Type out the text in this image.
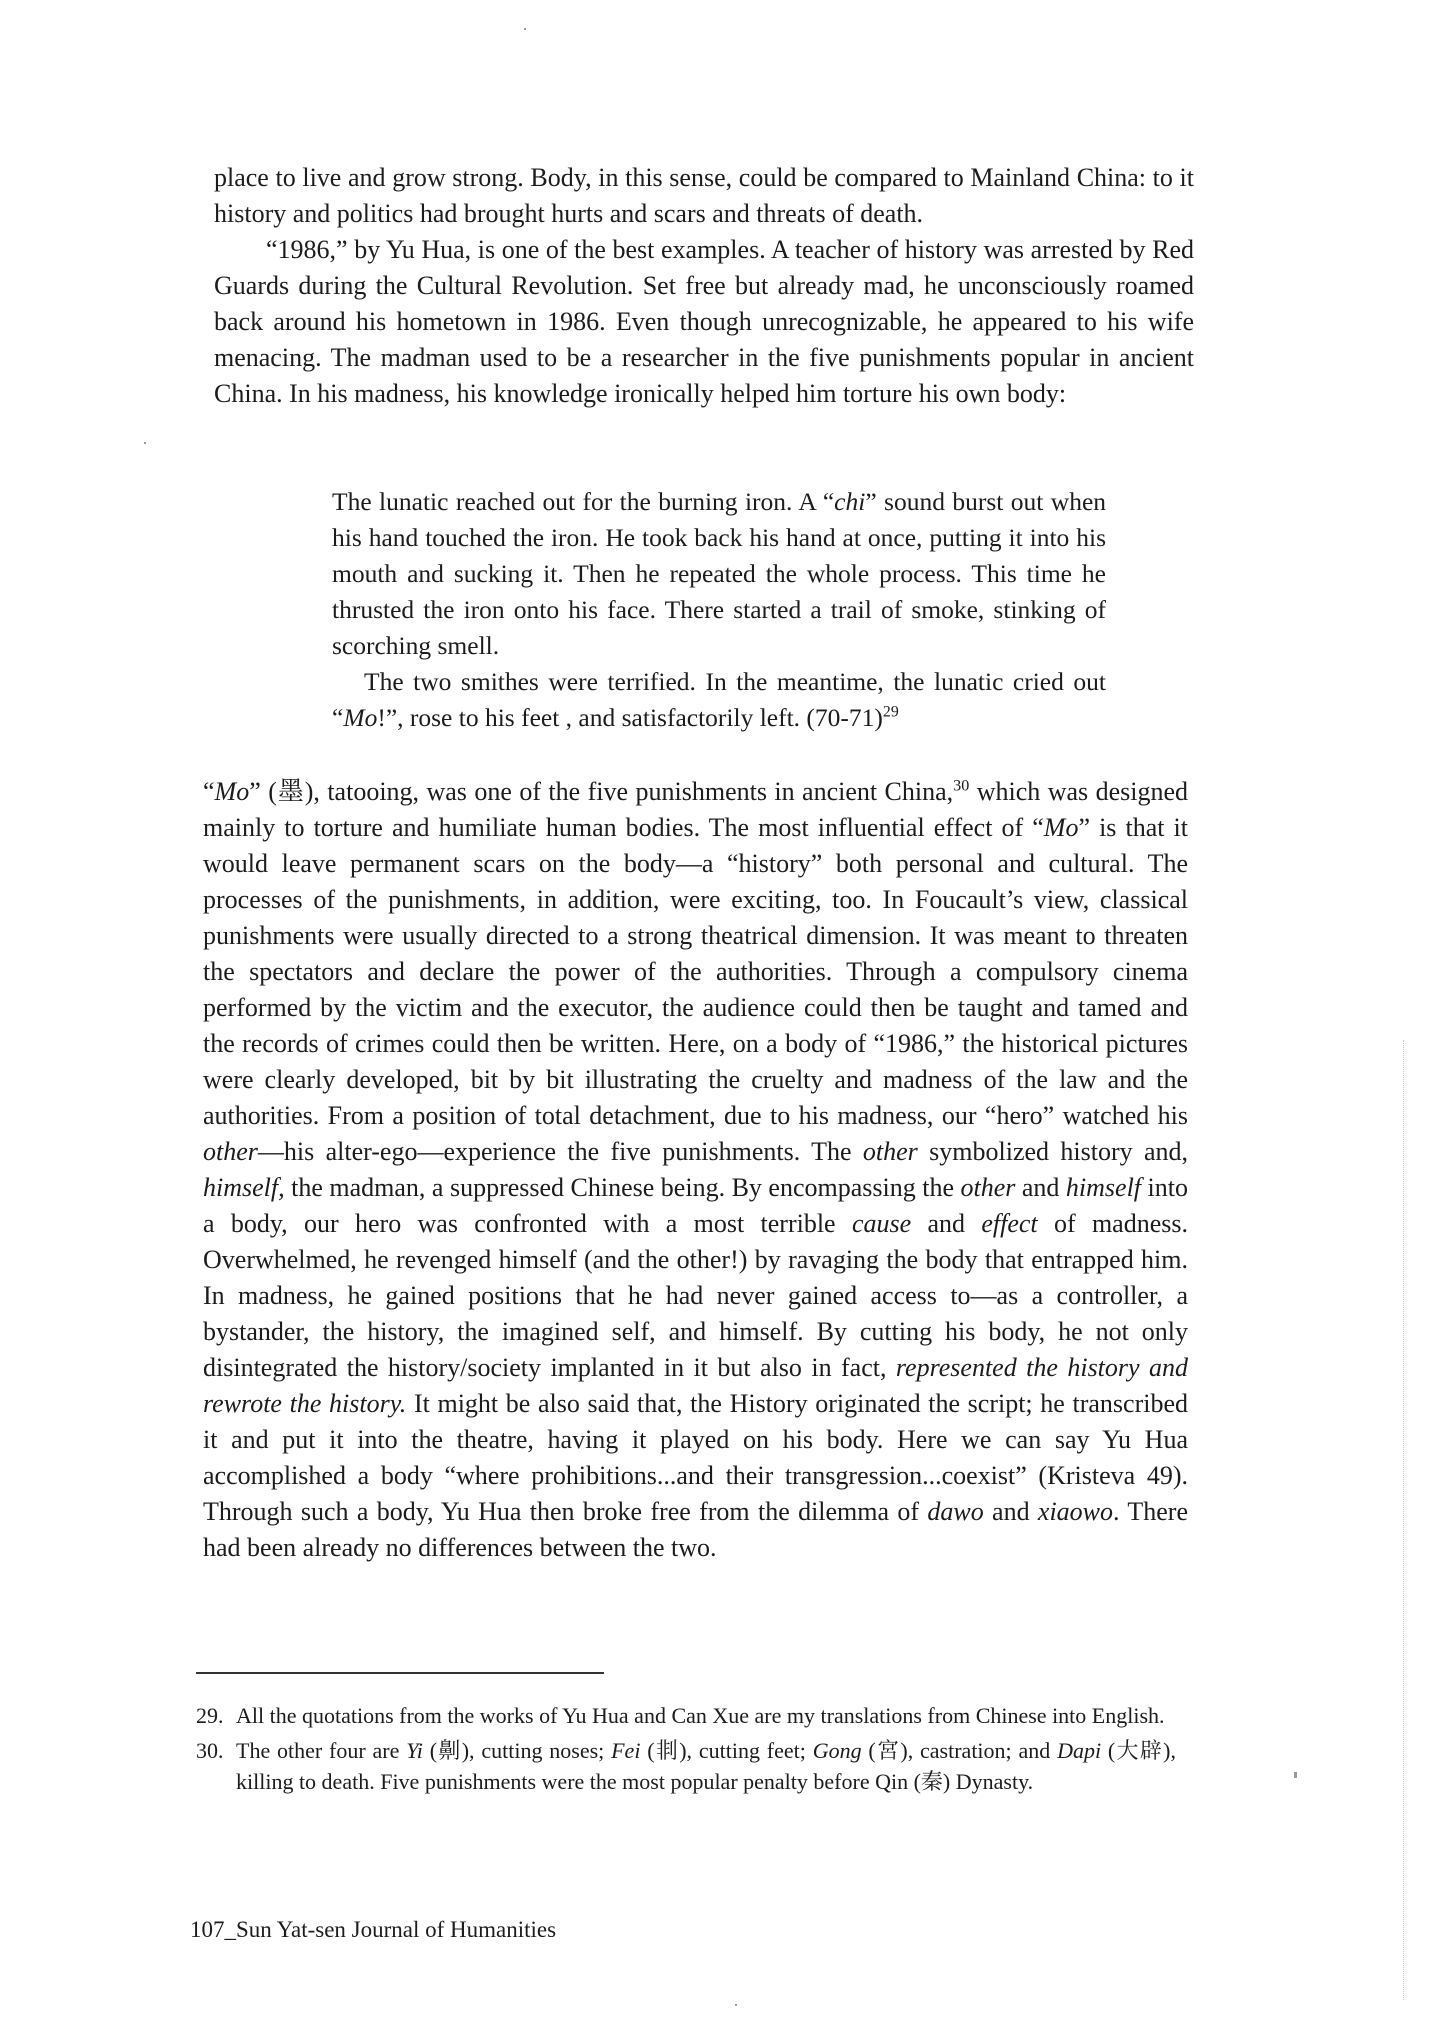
place to live and grow strong. Body, in this sense, could be compared to Mainland China: to it history and politics had brought hurts and scars and threats of death.

“1986,” by Yu Hua, is one of the best examples. A teacher of history was arrested by Red Guards during the Cultural Revolution. Set free but already mad, he unconsciously roamed back around his hometown in 1986. Even though unrecognizable, he appeared to his wife menacing. The madman used to be a researcher in the five punishments popular in ancient China. In his madness, his knowledge ironically helped him torture his own body:

The lunatic reached out for the burning iron. A “chi” sound burst out when his hand touched the iron. He took back his hand at once, putting it into his mouth and sucking it. Then he repeated the whole process. This time he thrusted the iron onto his face. There started a trail of smoke, stinking of scorching smell.

The two smithes were terrified. In the meantime, the lunatic cried out “Mo!”, rose to his feet , and satisfactorily left. $(70-71)^{29}$

“Mo” (墨), tatooing, was one of the five punishments in ancient China,$^{30}$ which was designed mainly to torture and humiliate human bodies. The most influential effect of “Mo” is that it would leave permanent scars on the body—a “history” both personal and cultural. The processes of the punishments, in addition, were exciting, too. In Foucault’s view, classical punishments were usually directed to a strong theatrical dimension. It was meant to threaten the spectators and declare the power of the authorities. Through a compulsory cinema performed by the victim and the executor, the audience could then be taught and tamed and the records of crimes could then be written. Here, on a body of “1986,” the historical pictures were clearly developed, bit by bit illustrating the cruelty and madness of the law and the authorities. From a position of total detachment, due to his madness, our “hero” watched his other—his alter-ego—experience the five punishments. The other symbolized history and, himself, the madman, a suppressed Chinese being. By encompassing the other and himself into a body, our hero was confronted with a most terrible cause and effect of madness. Overwhelmed, he revenged himself (and the other!) by ravaging the body that entrapped him. In madness, he gained positions that he had never gained access to—as a controller, a bystander, the history, the imagined self, and himself. By cutting his body, he not only disintegrated the history/society implanted in it but also in fact, represented the history and rewrote the history. It might be also said that, the History originated the script; he transcribed it and put it into the theatre, having it played on his body. Here we can say Yu Hua accomplished a body “where prohibitions...and their transgression...coexist” (Kristeva 49). Through such a body, Yu Hua then broke free from the dilemma of dawo and xiaowo. There had been already no differences between the two.

29. All the quotations from the works of Yu Hua and Can Xue are my translations from Chinese into English.
30. The other four are Yi (劓), cutting noses; Fei (剕), cutting feet; Gong (宮), castration; and Dapi (大辟), killing to death. Five punishments were the most popular penalty before Qin (秦) Dynasty.
107_Sun Yat-sen Journal of Humanities
